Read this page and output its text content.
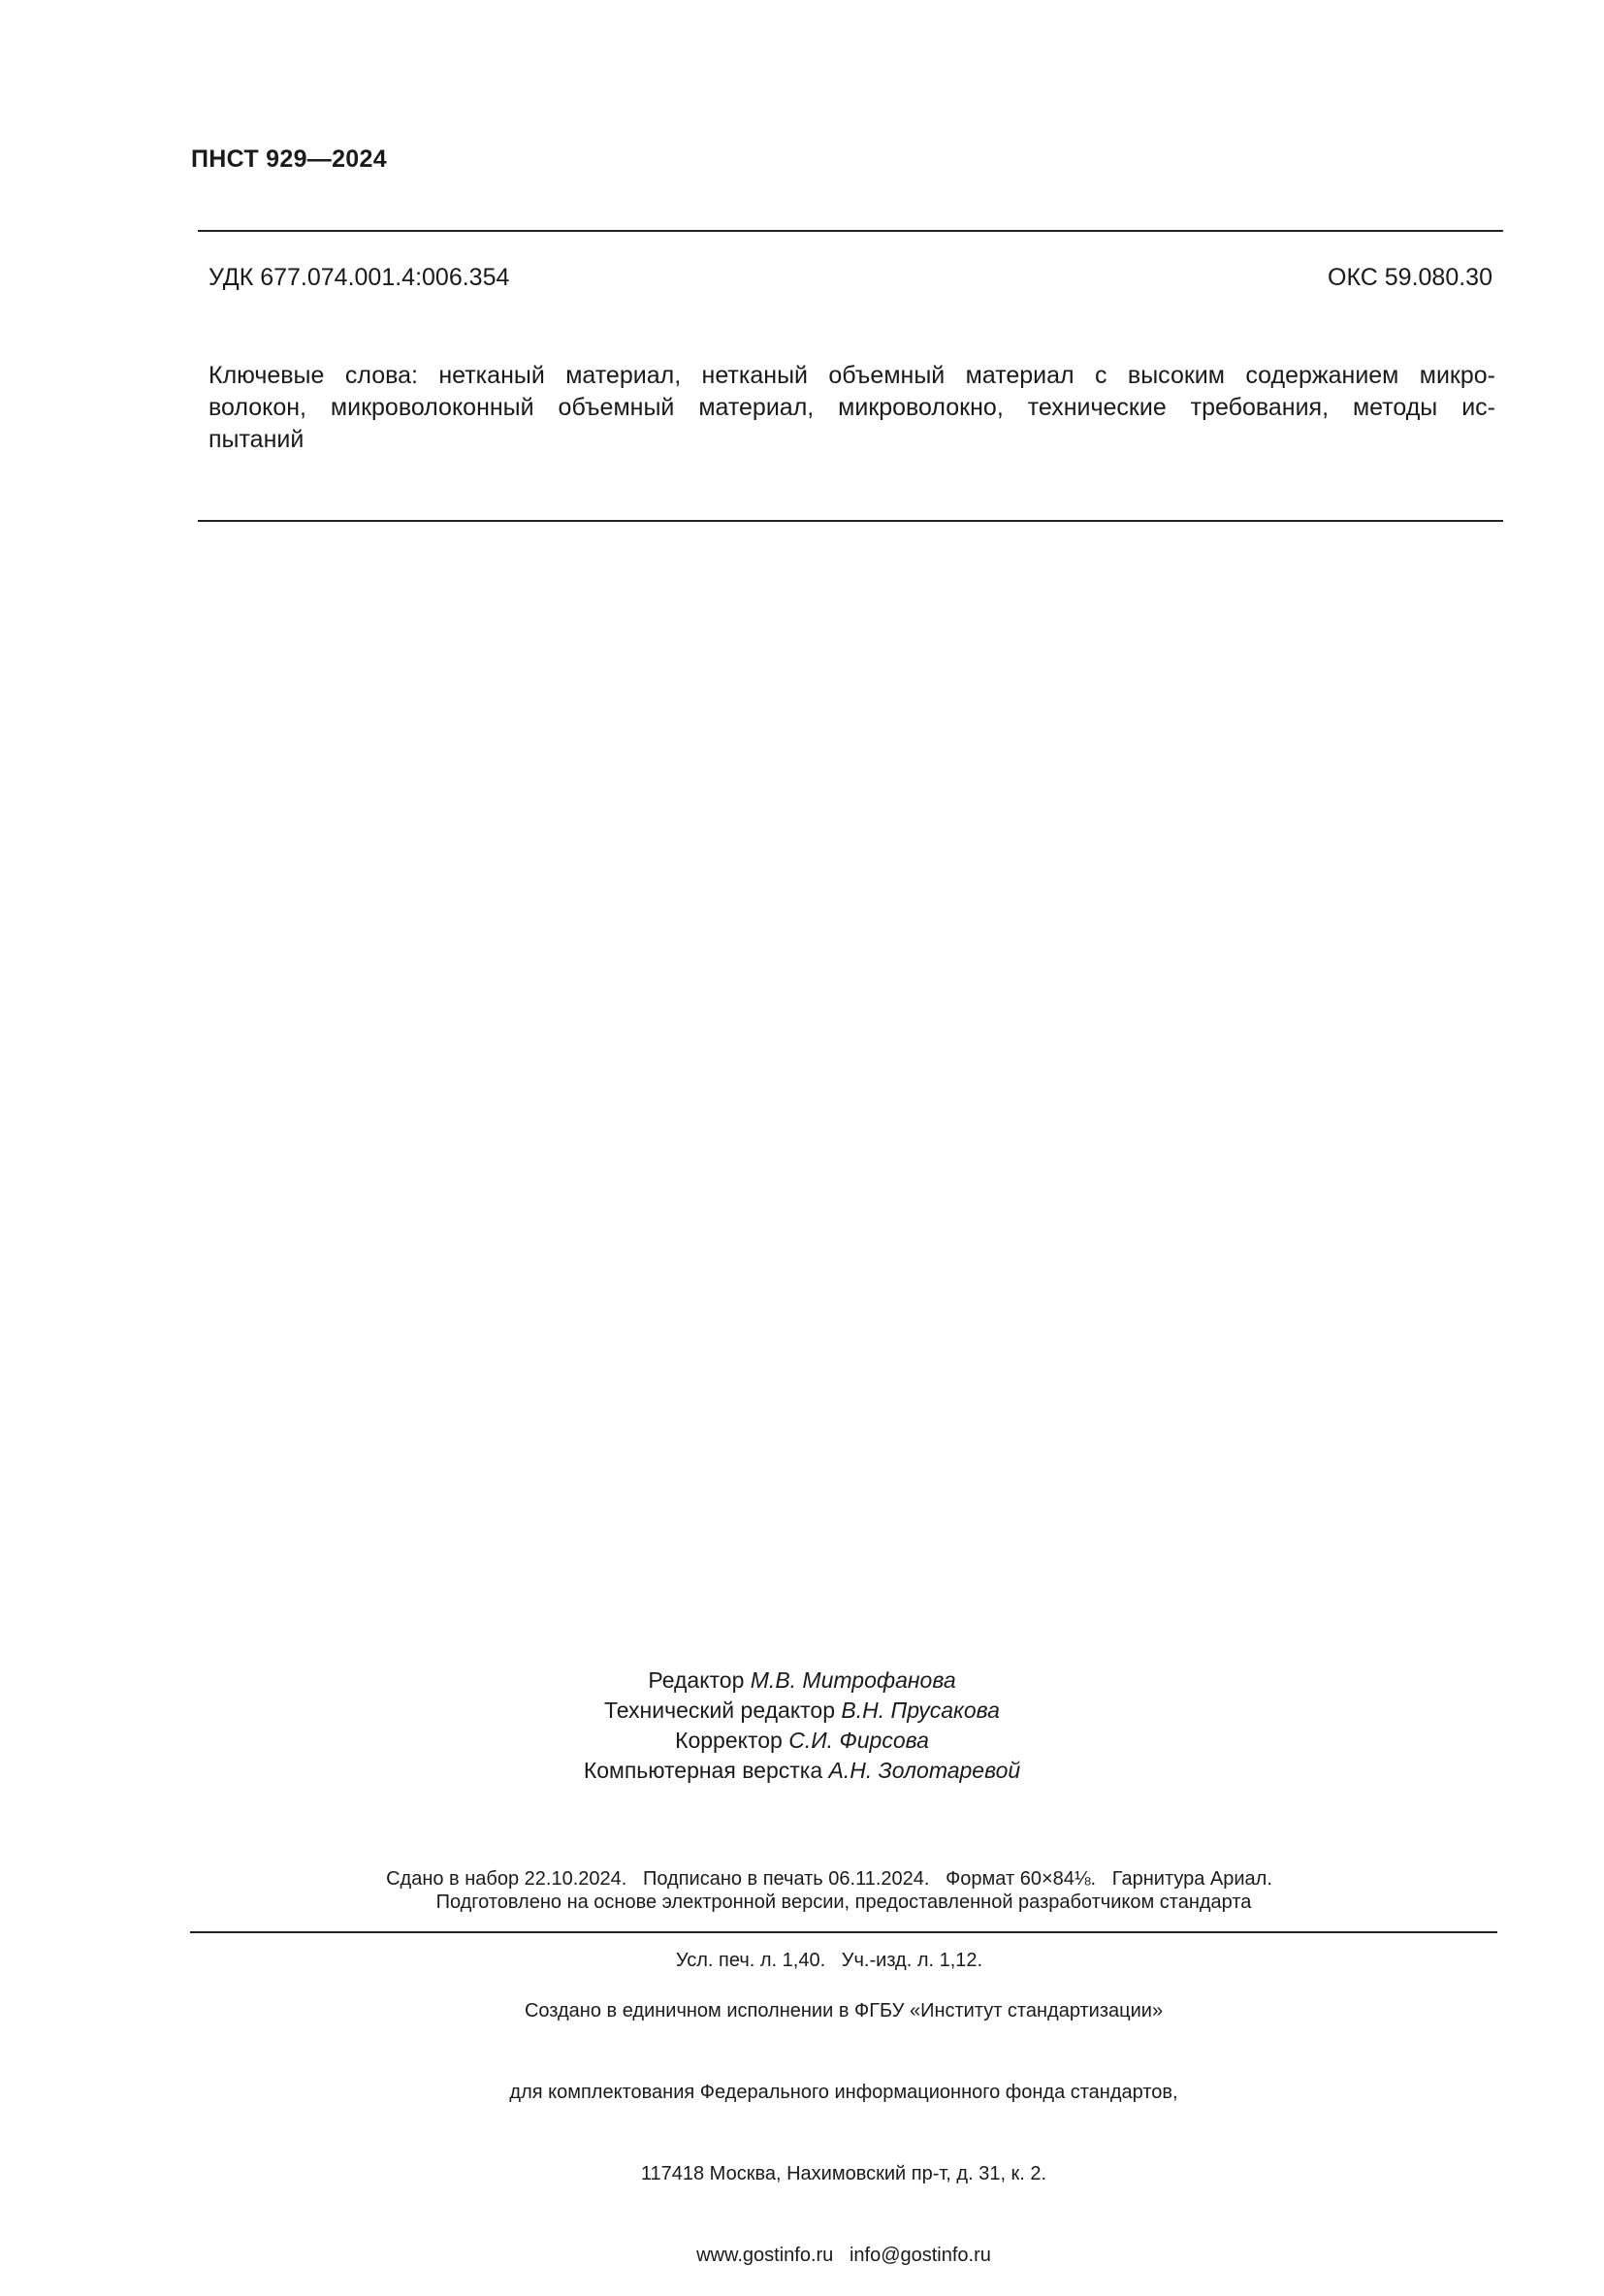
ПНСТ 929—2024
УДК 677.074.001.4:006.354	ОКС 59.080.30
Ключевые слова: нетканый материал, нетканый объемный материал с высоким содержанием микро-
волокон, микроволоконный объемный материал, микроволокно, технические требования, методы ис-
пытаний
Редактор М.В. Митрофанова
Технический редактор В.Н. Прусакова
Корректор С.И. Фирсова
Компьютерная верстка А.Н. Золотаревой

Сдано в набор 22.10.2024.   Подписано в печать 06.11.2024.   Формат 60×84⅛.   Гарнитура Ариал.

Усл. печ. л. 1,40.   Уч.-изд. л. 1,12.

Подготовлено на основе электронной версии, предоставленной разработчиком стандарта

Создано в единичном исполнении в ФГБУ «Институт стандартизации»

для комплектования Федерального информационного фонда стандартов,

117418 Москва, Нахимовский пр-т, д. 31, к. 2.

www.gostinfo.ru   info@gostinfo.ru
